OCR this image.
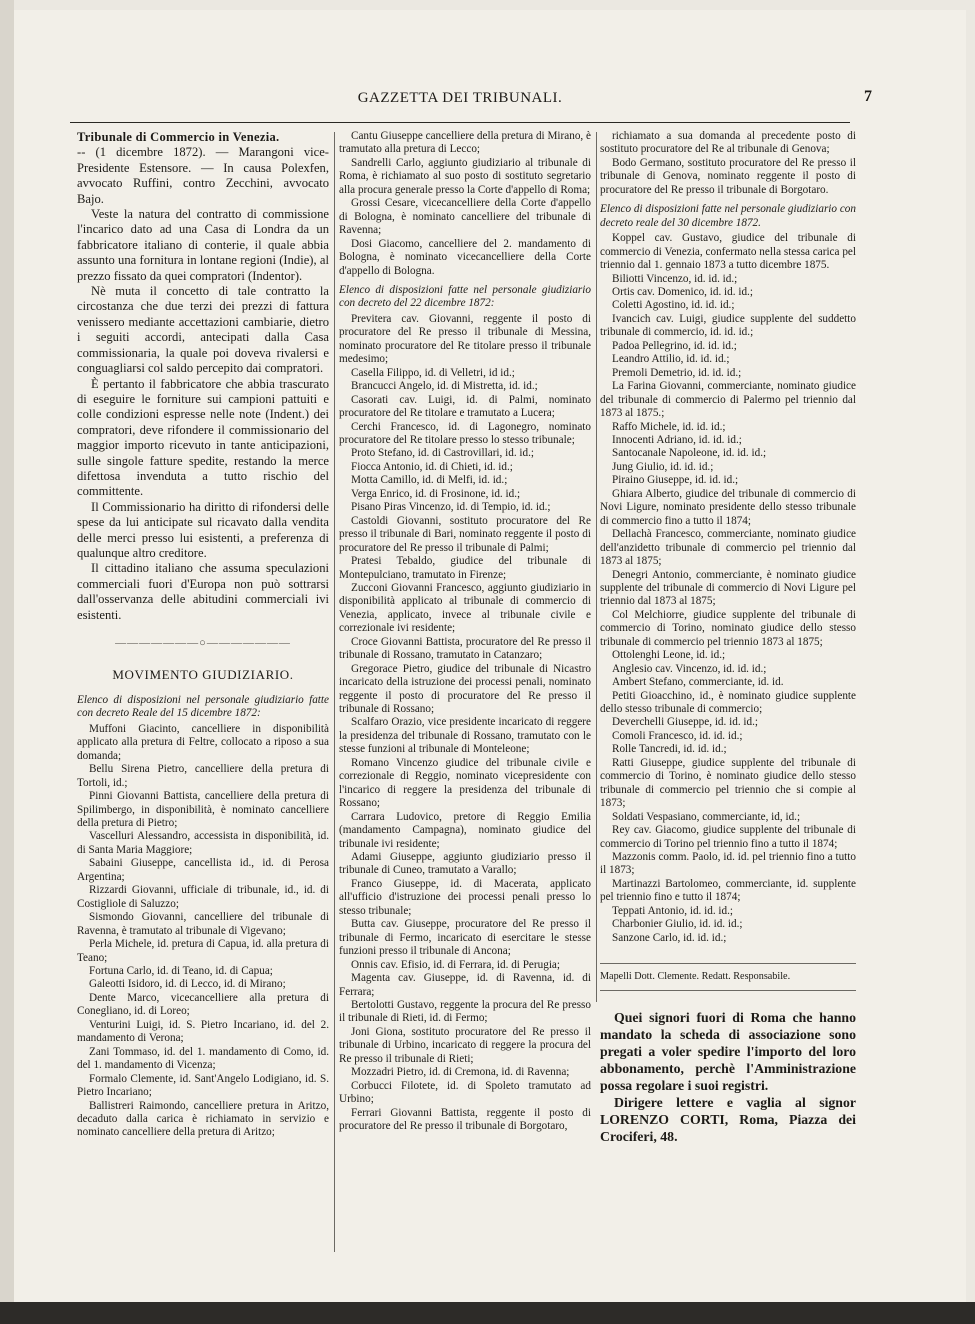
GAZZETTA DEI TRIBUNALI.	7

Tribunale di Commercio in Venezia.

-- (1 dicembre 1872). — Marangoni vice-Presidente Estensore. — In causa Polexfen, avvocato Ruffini, contro Zecchini, avvocato Bajo.

Veste la natura del contratto di commissione l'incarico dato ad una Casa di Londra da un fabbricatore italiano di conterie, il quale abbia assunto una fornitura in lontane regioni (Indie), al prezzo fissato da quei compratori (Indentor).

Nè muta il concetto di tale contratto la circostanza che due terzi dei prezzi di fattura venissero mediante accettazioni cambiarie, dietro i seguiti accordi, antecipati dalla Casa commissionaria, la quale poi doveva rivalersi e conguagliarsi col saldo percepito dai compratori.

È pertanto il fabbricatore che abbia trascurato di eseguire le forniture sui campioni pattuiti e colle condizioni espresse nelle note (Indent.) dei compratori, deve rifondere il commissionario del maggior importo ricevuto in tante anticipazioni, sulle singole fatture spedite, restando la merce difettosa invenduta a tutto rischio del committente.

Il Commissionario ha diritto di rifondersi delle spese da lui anticipate sul ricavato dalla vendita delle merci presso lui esistenti, a preferenza di qualunque altro creditore.

Il cittadino italiano che assuma speculazioni commerciali fuori d'Europa non può sottrarsi dall'osservanza delle abitudini commerciali ivi esistenti.

———————○———————
MOVIMENTO GIUDIZIARIO.

Elenco di disposizioni nel personale giudiziario fatte con decreto Reale del 15 dicembre 1872:

Muffoni Giacinto, cancelliere in disponibilità applicato alla pretura di Feltre, collocato a riposo a sua domanda;

Bellu Sirena Pietro, cancelliere della pretura di Tortoli, id.;

Pinni Giovanni Battista, cancelliere della pretura di Spilimbergo, in disponibilità, è nominato cancelliere della pretura di Pietro;

Vascelluri Alessandro, accessista in disponibilità, id. di Santa Maria Maggiore;

Sabaini Giuseppe, cancellista id., id. di Perosa Argentina;

Rizzardi Giovanni, ufficiale di tribunale, id., id. di Costigliole di Saluzzo;

Sismondo Giovanni, cancelliere del tribunale di Ravenna, è tramutato al tribunale di Vigevano;

Perla Michele, id. pretura di Capua, id. alla pretura di Teano;

Fortuna Carlo, id. di Teano, id. di Capua;

Galeotti Isidoro, id. di Lecco, id. di Mirano;

Dente Marco, vicecancelliere alla pretura di Conegliano, id. di Loreo;

Venturini Luigi, id. S. Pietro Incariano, id. del 2. mandamento di Verona;

Zani Tommaso, id. del 1. mandamento di Como, id. del 1. mandamento di Vicenza;

Formalo Clemente, id. Sant'Angelo Lodigiano, id. S. Pietro Incariano;

Ballistreri Raimondo, cancelliere pretura in Aritzo, decaduto dalla carica è richiamato in servizio e nominato cancelliere della pretura di Aritzo;

Cantu Giuseppe cancelliere della pretura di Mirano, è tramutato alla pretura di Lecco;

Sandrelli Carlo, aggiunto giudiziario al tribunale di Roma, è richiamato al suo posto di sostituto segretario alla procura generale presso la Corte d'appello di Roma;

Grossi Cesare, vicecancelliere della Corte d'appello di Bologna, è nominato cancelliere del tribunale di Ravenna;

Dosi Giacomo, cancelliere del 2. mandamento di Bologna, è nominato vicecancelliere della Corte d'appello di Bologna.

Elenco di disposizioni fatte nel personale giudiziario con decreto del 22 dicembre 1872:

Previtera cav. Giovanni, reggente il posto di procuratore del Re presso il tribunale di Messina, nominato procuratore del Re titolare presso il tribunale medesimo;

Casella Filippo, id. di Velletri, id id.;

Brancucci Angelo, id. di Mistretta, id. id.;

Casorati cav. Luigi, id. di Palmi, nominato procuratore del Re titolare e tramutato a Lucera;

Cerchi Francesco, id. di Lagonegro, nominato procuratore del Re titolare presso lo stesso tribunale;

Proto Stefano, id. di Castrovillari, id. id.;

Fiocca Antonio, id. di Chieti, id. id.;

Motta Camillo, id. di Melfi, id. id.;

Verga Enrico, id. di Frosinone, id. id.;

Pisano Piras Vincenzo, id. di Tempio, id. id.;

Castoldi Giovanni, sostituto procuratore del Re presso il tribunale di Bari, nominato reggente il posto di procuratore del Re presso il tribunale di Palmi;

Pratesi Tebaldo, giudice del tribunale di Montepulciano, tramutato in Firenze;

Zucconi Giovanni Francesco, aggiunto giudiziario in disponibilità applicato al tribunale di commercio di Venezia, applicato, invece al tribunale civile e correzionale ivi residente;

Croce Giovanni Battista, procuratore del Re presso il tribunale di Rossano, tramutato in Catanzaro;

Gregorace Pietro, giudice del tribunale di Nicastro incaricato della istruzione dei processi penali, nominato reggente il posto di procuratore del Re presso il tribunale di Rossano;

Scalfaro Orazio, vice presidente incaricato di reggere la presidenza del tribunale di Rossano, tramutato con le stesse funzioni al tribunale di Monteleone;

Romano Vincenzo giudice del tribunale civile e correzionale di Reggio, nominato vicepresidente con l'incarico di reggere la presidenza del tribunale di Rossano;

Carrara Ludovico, pretore di Reggio Emilia (mandamento Campagna), nominato giudice del tribunale ivi residente;

Adami Giuseppe, aggiunto giudiziario presso il tribunale di Cuneo, tramutato a Varallo;

Franco Giuseppe, id. di Macerata, applicato all'ufficio d'istruzione dei processi penali presso lo stesso tribunale;

Butta cav. Giuseppe, procuratore del Re presso il tribunale di Fermo, incaricato di esercitare le stesse funzioni presso il tribunale di Ancona;

Onnis cav. Efisio, id. di Ferrara, id. di Perugia;

Magenta cav. Giuseppe, id. di Ravenna, id. di Ferrara;

Bertolotti Gustavo, reggente la procura del Re presso il tribunale di Rieti, id. di Fermo;

Joni Giona, sostituto procuratore del Re presso il tribunale di Urbino, incaricato di reggere la procura del Re presso il tribunale di Rieti;

Mozzadri Pietro, id. di Cremona, id. di Ravenna;

Corbucci Filotete, id. di Spoleto tramutato ad Urbino;

Ferrari Giovanni Battista, reggente il posto di procuratore del Re presso il tribunale di Borgotaro,

richiamato a sua domanda al precedente posto di sostituto procuratore del Re al tribunale di Genova;

Bodo Germano, sostituto procuratore del Re presso il tribunale di Genova, nominato reggente il posto di procuratore del Re presso il tribunale di Borgotaro.

Elenco di disposizioni fatte nel personale giudiziario con decreto reale del 30 dicembre 1872.

Koppel cav. Gustavo, giudice del tribunale di commercio di Venezia, confermato nella stessa carica pel triennio dal 1. gennaio 1873 a tutto dicembre 1875.

Biliotti Vincenzo, id. id. id.;

Ortis cav. Domenico, id. id. id.;

Coletti Agostino, id. id. id.;

Ivancich cav. Luigi, giudice supplente del suddetto tribunale di commercio, id. id. id.;

Padoa Pellegrino, id. id. id.;

Leandro Attilio, id. id. id.;

Premoli Demetrio, id. id. id.;

La Farina Giovanni, commerciante, nominato giudice del tribunale di commercio di Palermo pel triennio dal 1873 al 1875.;

Raffo Michele, id. id. id.;

Innocenti Adriano, id. id. id.;

Santocanale Napoleone, id. id. id.;

Jung Giulio, id. id. id.;

Piraino Giuseppe, id. id. id.;

Ghiara Alberto, giudice del tribunale di commercio di Novi Ligure, nominato presidente dello stesso tribunale di commercio fino a tutto il 1874;

Dellachà Francesco, commerciante, nominato giudice dell'anzidetto tribunale di commercio pel triennio dal 1873 al 1875;

Denegri Antonio, commerciante, è nominato giudice supplente del tribunale di commercio di Novi Ligure pel triennio dal 1873 al 1875;

Col Melchiorre, giudice supplente del tribunale di commercio di Torino, nominato giudice dello stesso tribunale di commercio pel triennio 1873 al 1875;

Ottolenghi Leone, id. id.;

Anglesio cav. Vincenzo, id. id. id.;

Ambert Stefano, commerciante, id. id.

Petiti Gioacchino, id., è nominato giudice supplente dello stesso tribunale di commercio;

Deverchelli Giuseppe, id. id. id.;

Comoli Francesco, id. id. id.;

Rolle Tancredi, id. id. id.;

Ratti Giuseppe, giudice supplente del tribunale di commercio di Torino, è nominato giudice dello stesso tribunale di commercio pel triennio che si compie al 1873;

Soldati Vespasiano, commerciante, id, id.;

Rey cav. Giacomo, giudice supplente del tribunale di commercio di Torino pel triennio fino a tutto il 1874;

Mazzonis comm. Paolo, id. id. pel triennio fino a tutto il 1873;

Martinazzi Bartolomeo, commerciante, id. supplente pel triennio fino e tutto il 1874;

Teppati Antonio, id. id. id.;

Charbonier Giulio, id. id. id.;

Sanzone Carlo, id. id. id.;

Mapelli Dott. Clemente. Redatt. Responsabile.

Quei signori fuori di Roma che hanno mandato la scheda di associazione sono pregati a voler spedire l'importo del loro abbonamento, perchè l'Amministrazione possa regolare i suoi registri.

Dirigere lettere e vaglia al signor LORENZO CORTI, Roma, Piazza dei Crociferi, 48.
